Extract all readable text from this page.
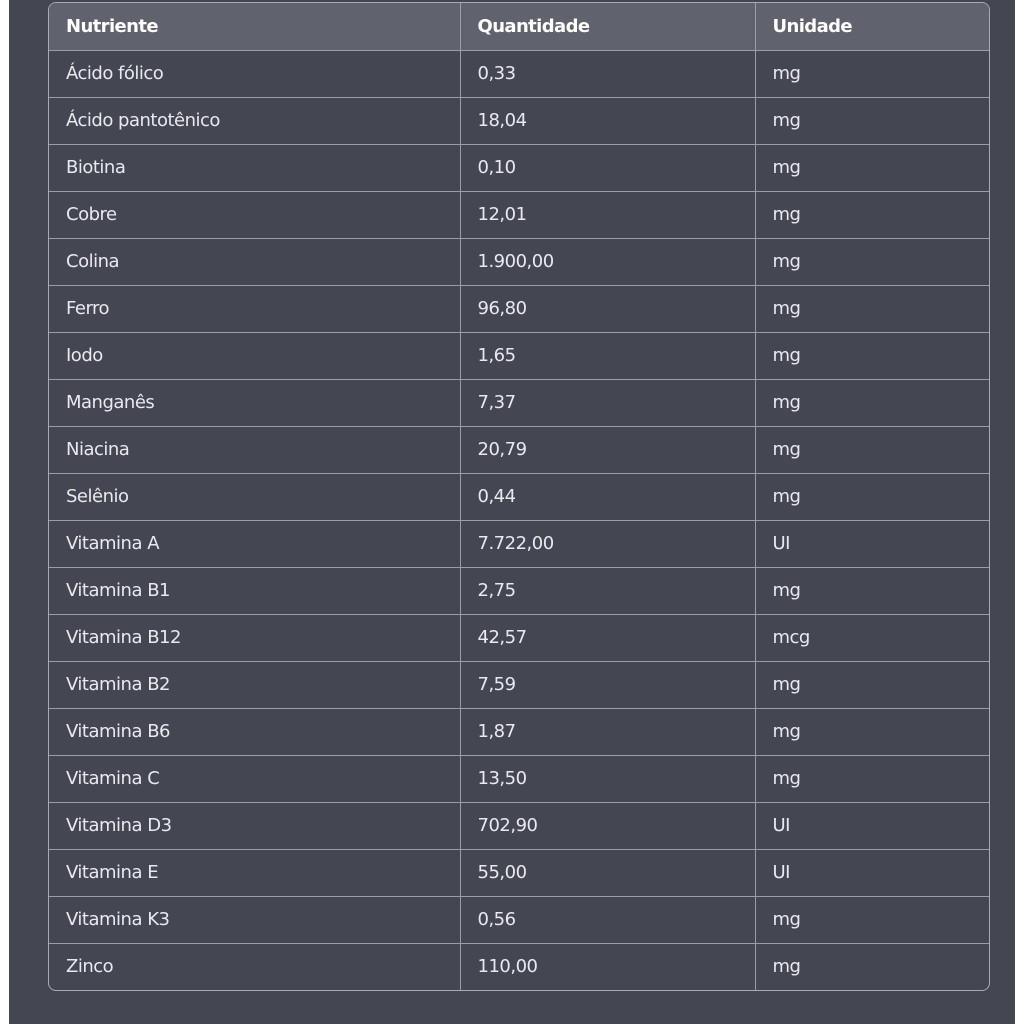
Nutriente	Quantidade	Unidade
Ácido fólico	0,33	mg
Ácido pantotênico	18,04	mg
Biotina	0,10	mg
Cobre	12,01	mg
Colina	1.900,00	mg
Ferro	96,80	mg
Iodo	1,65	mg
Manganês	7,37	mg
Niacina	20,79	mg
Selênio	0,44	mg
Vitamina A	7.722,00	UI
Vitamina B1	2,75	mg
Vitamina B12	42,57	mcg
Vitamina B2	7,59	mg
Vitamina B6	1,87	mg
Vitamina C	13,50	mg
Vitamina D3	702,90	UI
Vitamina E	55,00	UI
Vitamina K3	0,56	mg
Zinco	110,00	mg
